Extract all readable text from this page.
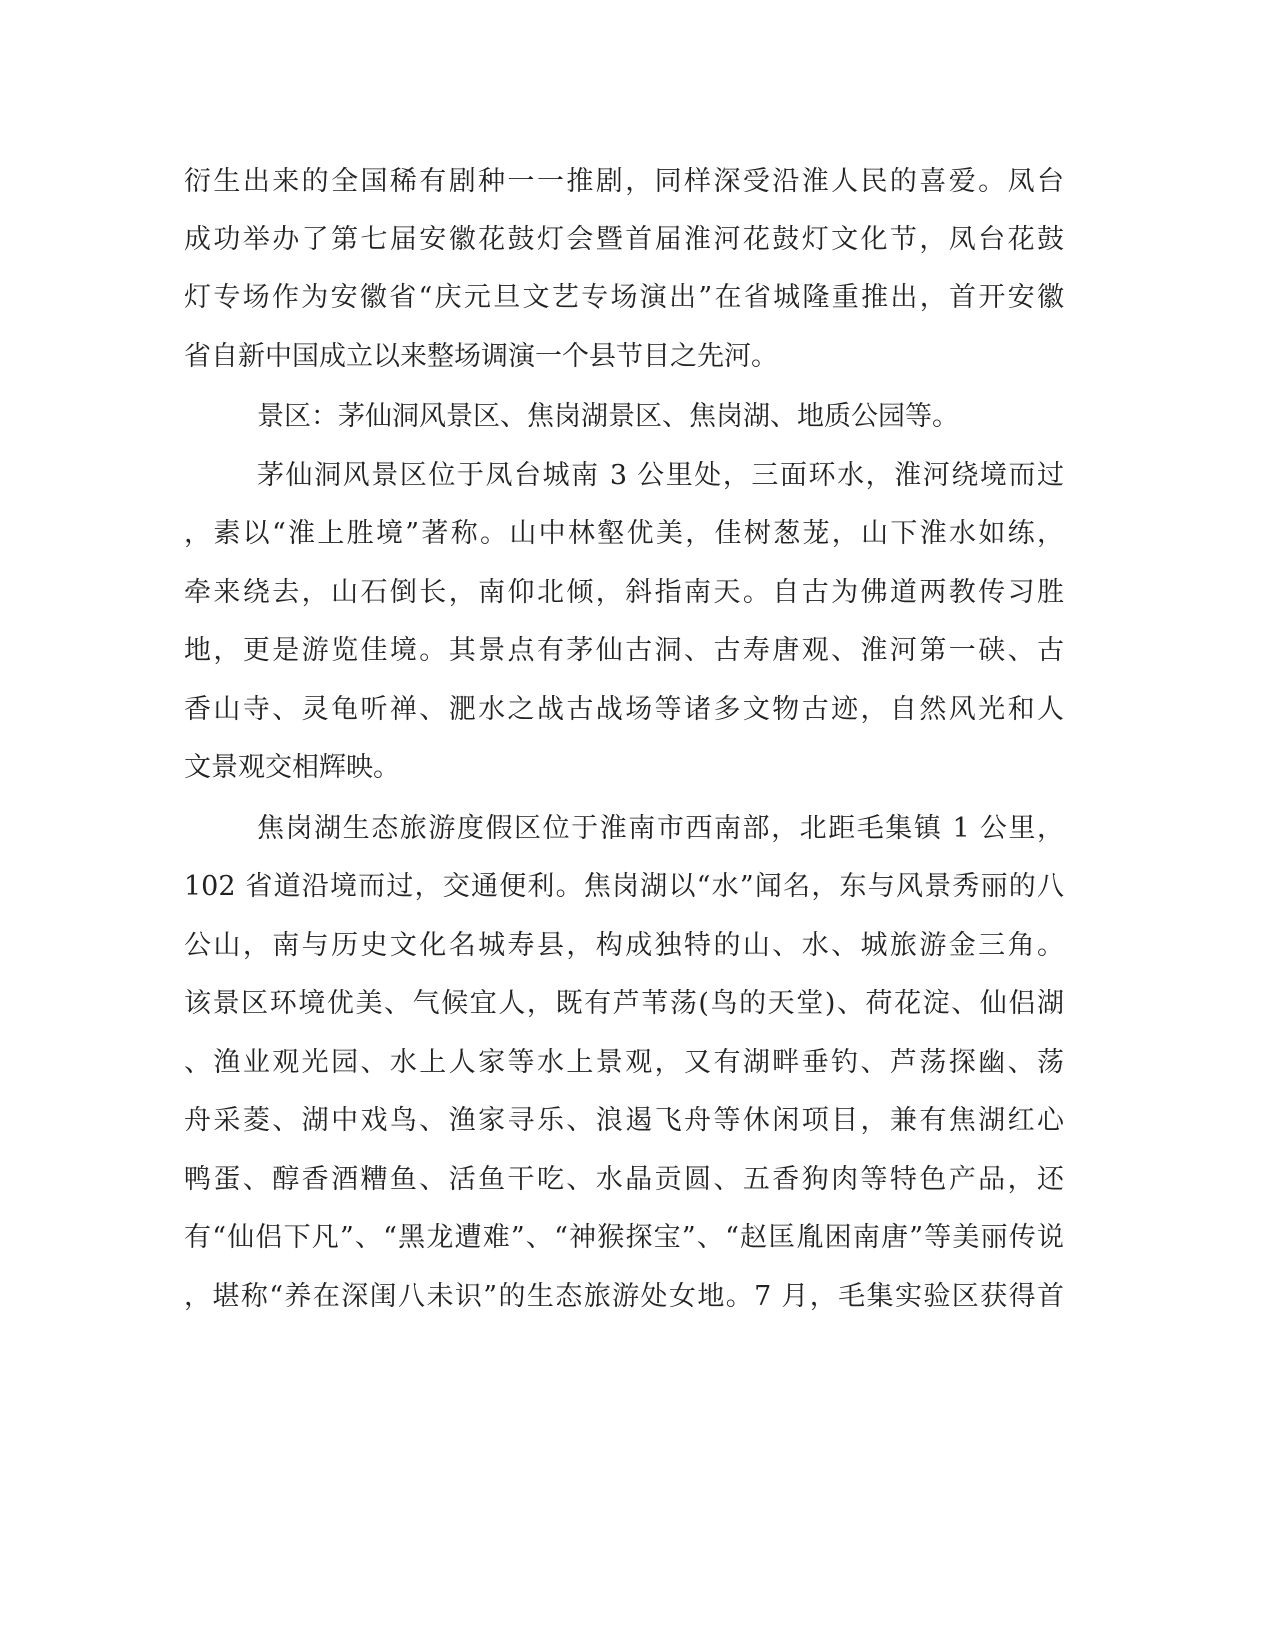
衍生出来的全国稀有剧种一一推剧，同样深受沿淮人民的喜爱。凤台
成功举办了第七届安徽花鼓灯会暨首届淮河花鼓灯文化节，凤台花鼓
灯专场作为安徽省“庆元旦文艺专场演出”在省城隆重推出，首开安徽
省自新中国成立以来整场调演一个县节目之先河。
景区：茅仙洞风景区、焦岗湖景区、焦岗湖、地质公园等。
茅仙洞风景区位于凤台城南 3 公里处，三面环水，淮河绕境而过
，素以“淮上胜境”著称。山中林壑优美，佳树葱茏，山下淮水如练，
牵来绕去，山石倒长，南仰北倾，斜指南天。自古为佛道两教传习胜
地，更是游览佳境。其景点有茅仙古洞、古寿唐观、淮河第一硖、古
香山寺、灵龟听禅、淝水之战古战场等诸多文物古迹，自然风光和人
文景观交相辉映。
焦岗湖生态旅游度假区位于淮南市西南部，北距毛集镇 1 公里，
102 省道沿境而过，交通便利。焦岗湖以“水”闻名，东与风景秀丽的八
公山，南与历史文化名城寿县，构成独特的山、水、城旅游金三角。
该景区环境优美、气候宜人，既有芦苇荡(鸟的天堂)、荷花淀、仙侣湖
、渔业观光园、水上人家等水上景观，又有湖畔垂钓、芦荡探幽、荡
舟采菱、湖中戏鸟、渔家寻乐、浪遏飞舟等休闲项目，兼有焦湖红心
鸭蛋、醇香酒糟鱼、活鱼干吃、水晶贡圆、五香狗肉等特色产品，还
有“仙侣下凡”、“黑龙遭难”、“神猴探宝”、“赵匡胤困南唐”等美丽传说
，堪称“养在深闺八未识”的生态旅游处女地。7 月，毛集实验区获得首
